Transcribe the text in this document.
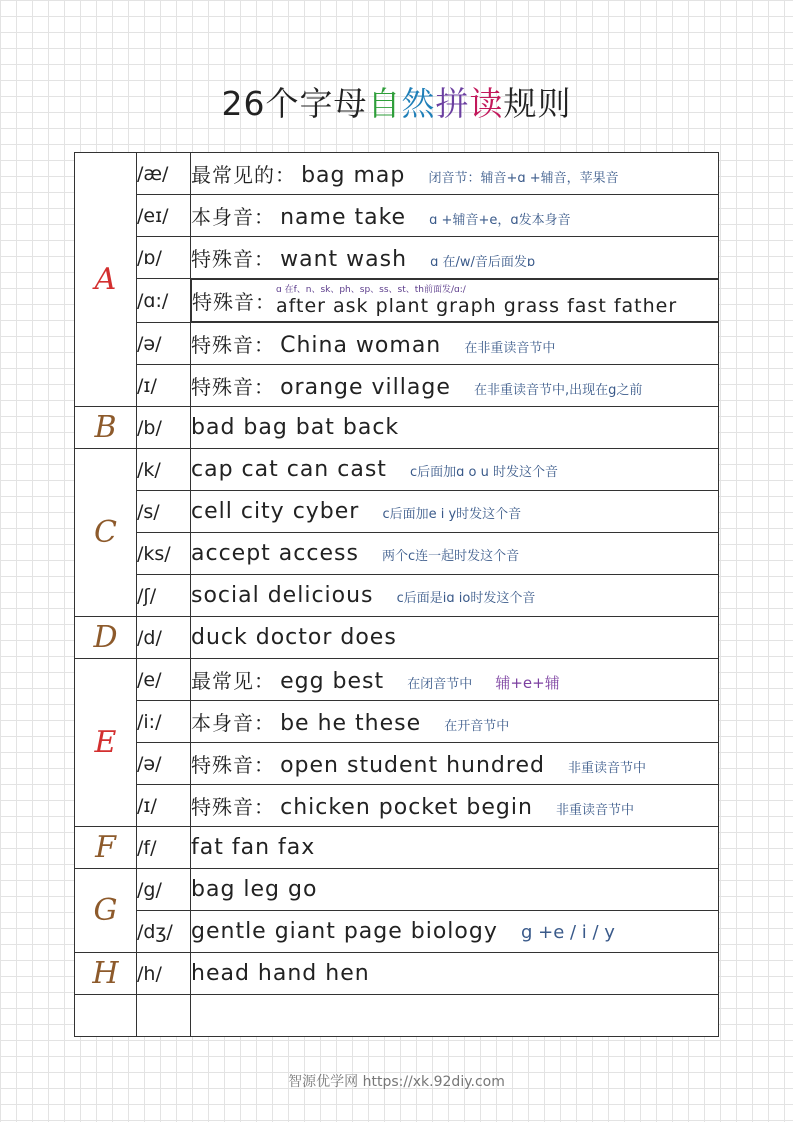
26个字母自然拼读规则
A	/æ/	最常见的： bag map 闭音节：辅音+ɑ +辅音，苹果音
	/eɪ/	本身音： name take ɑ +辅音+e，ɑ发本身音
	/ɒ/	特殊音： want wash ɑ 在/w/音后面发ɒ
	/ɑ:/	特殊音：
ɑ 在f、n、sk、ph、sp、ss、st、th前面发/ɑ:/
after ask plant graph grass fast father

	/ə/	特殊音： China woman 在非重读音节中
	/ɪ/	特殊音： orange village 在非重读音节中,出现在g之前
B	/b/	bad bag bat back
C	/k/	cap cat can cast c后面加ɑ o u 时发这个音
	/s/	cell city cyber c后面加e i y时发这个音
	/ks/	accept access 两个c连一起时发这个音
	/ʃ/	social delicious c后面是iɑ io时发这个音
D	/d/	duck doctor does
E	/e/	最常见： egg best 在闭音节中 辅+e+辅
	/i:/	本身音： be he these 在开音节中
	/ə/	特殊音： open student hundred 非重读音节中
	/ɪ/	特殊音： chicken pocket begin 非重读音节中
F	/f/	fat fan fax
G	/g/	bag leg go
	/dʒ/	gentle giant page biology g +e / i / y
H	/h/	head hand hen

智源优学网 https://xk.92diy.com
